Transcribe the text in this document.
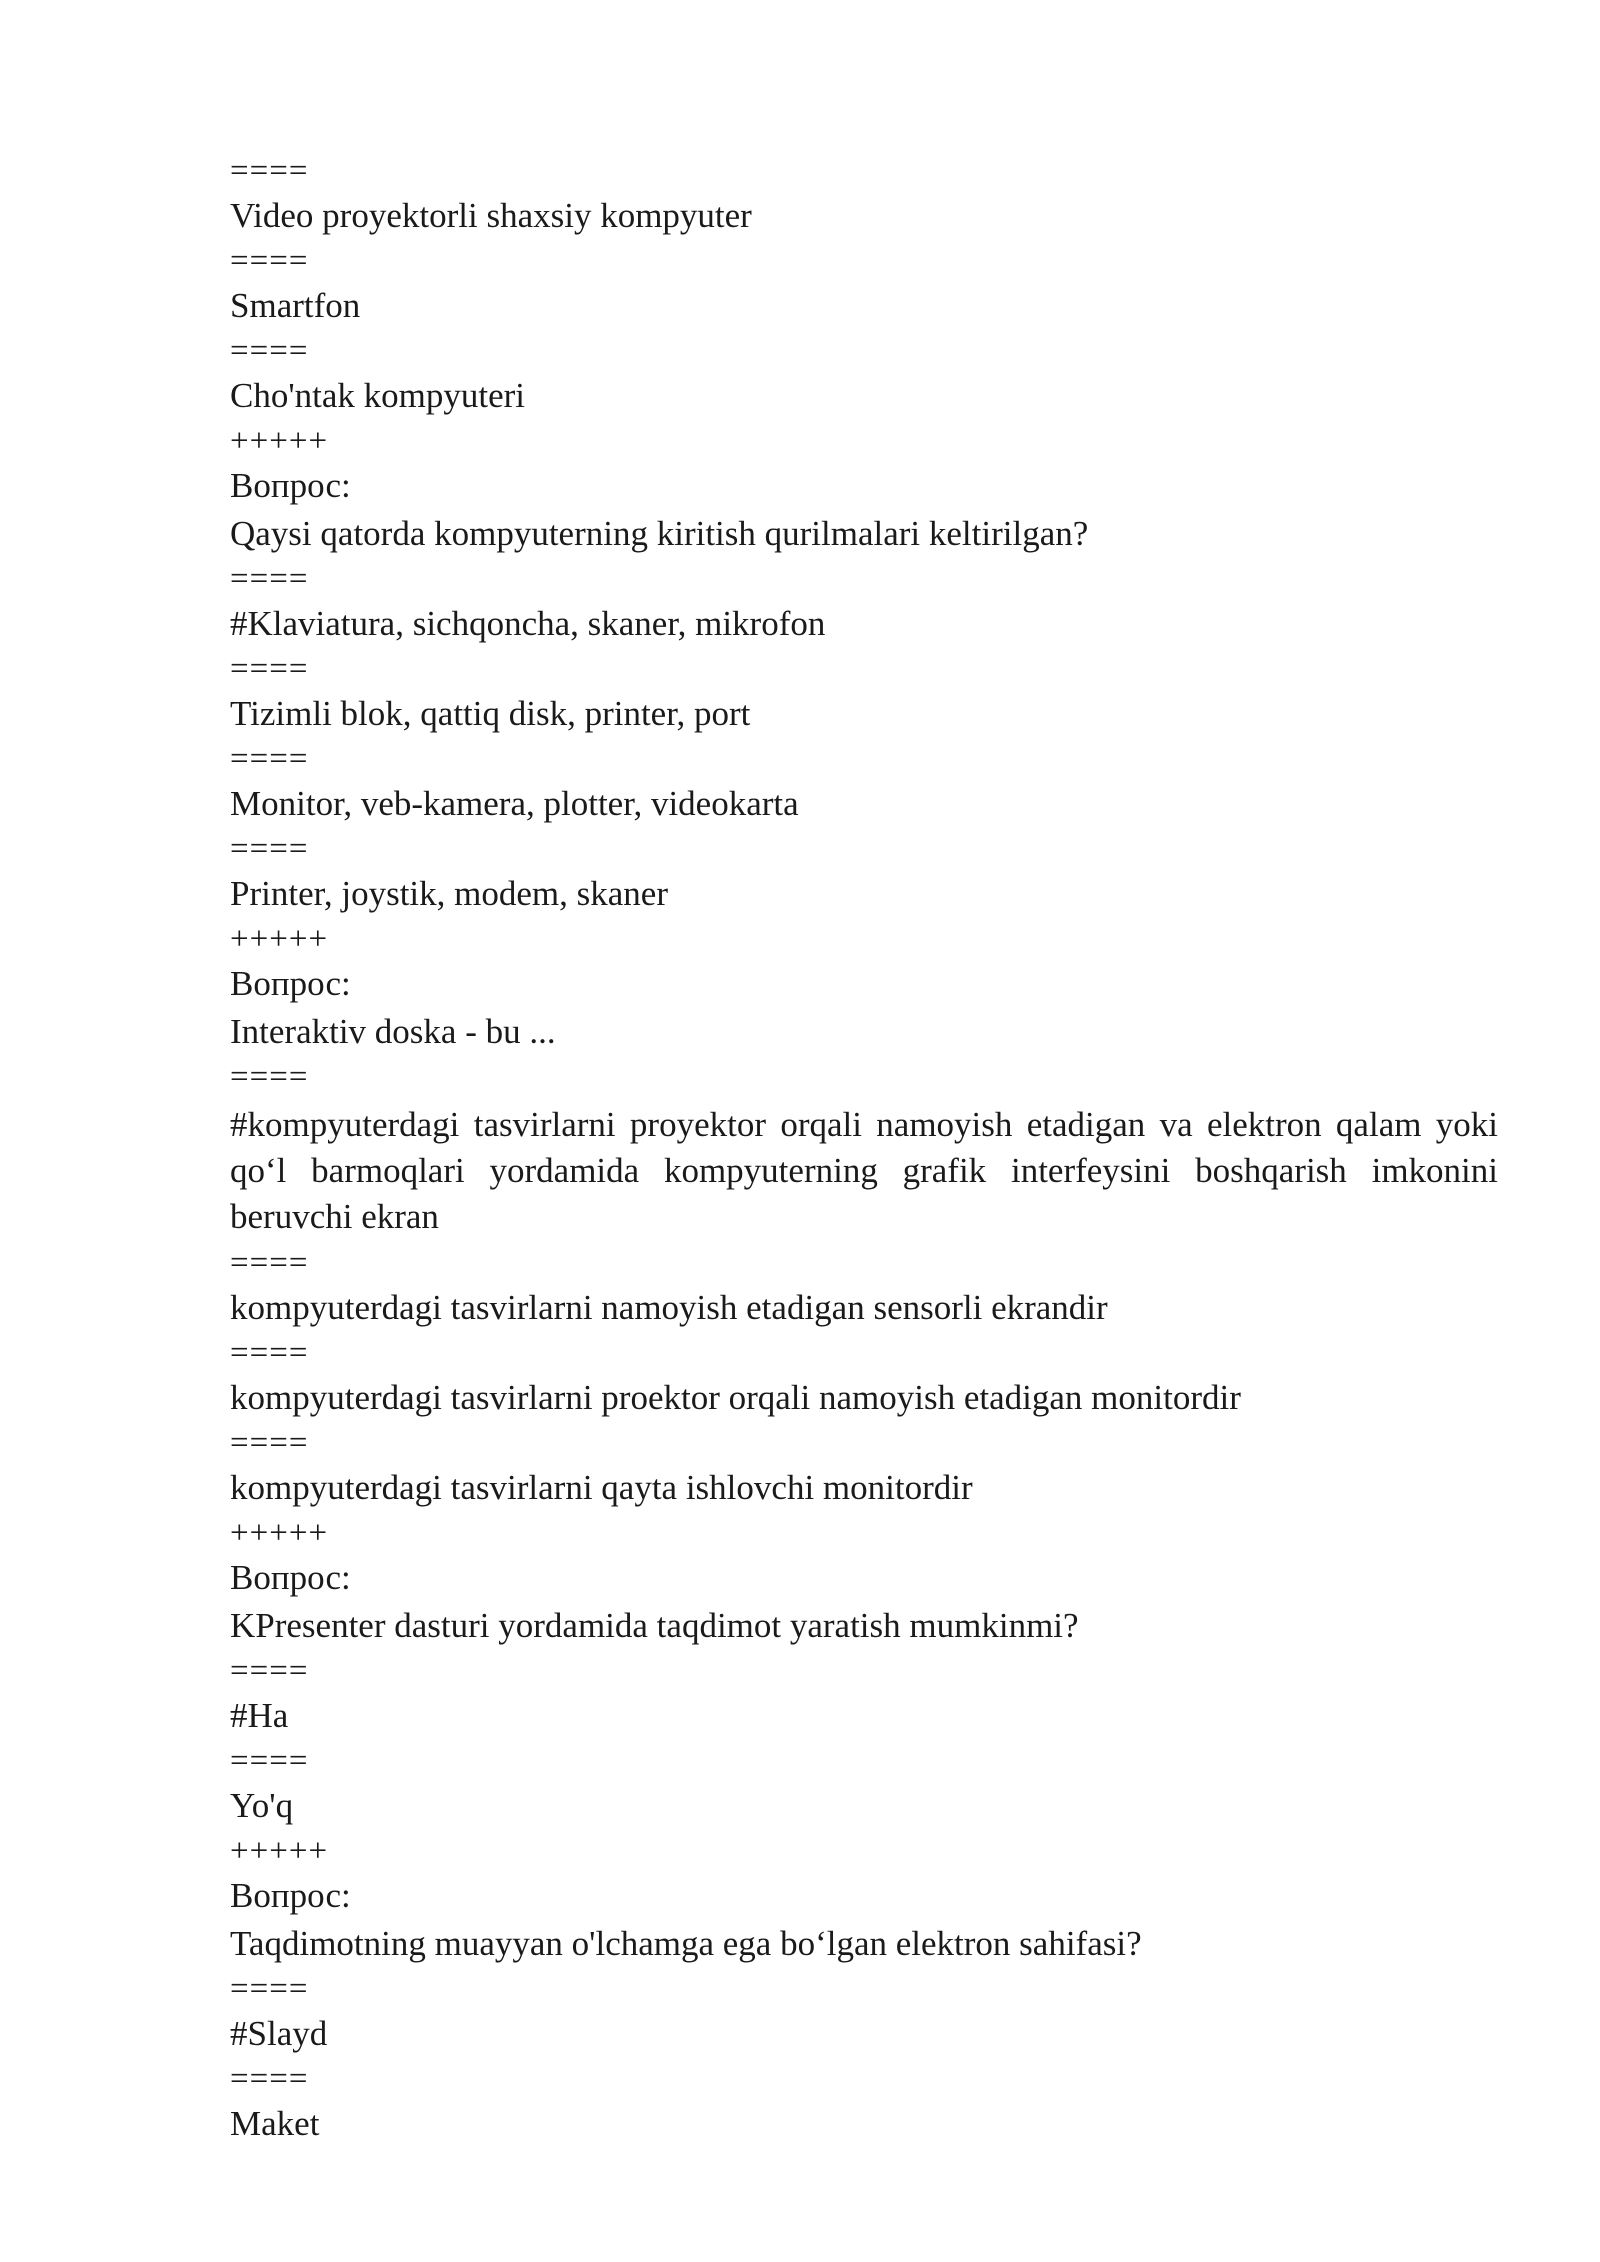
====

Video proyektorli shaxsiy kompyuter

====

Smartfon

====

Cho'ntak kompyuteri

+++++

Вопрос:

Qaysi qatorda kompyuterning kiritish qurilmalari keltirilgan?

====

#Klaviatura, sichqoncha, skaner, mikrofon

====

Tizimli blok, qattiq disk, printer, port

====

Monitor, veb-kamera, plotter, videokarta

====

Printer, joystik, modem, skaner

+++++

Вопрос:

Interaktiv doska - bu ...

====

#kompyuterdagi tasvirlarni proyektor orqali namoyish etadigan va elektron qalam yoki qo‘l barmoqlari yordamida kompyuterning grafik interfeysini boshqarish imkonini beruvchi ekran

====

kompyuterdagi tasvirlarni namoyish etadigan sensorli ekrandir

====

kompyuterdagi tasvirlarni proektor orqali namoyish etadigan monitordir

====

kompyuterdagi tasvirlarni qayta ishlovchi monitordir

+++++

Вопрос:

KPresenter dasturi yordamida taqdimot yaratish mumkinmi?

====

#Ha

====

Yo'q

+++++

Вопрос:

Taqdimotning muayyan o'lchamga ega bo‘lgan elektron sahifasi?

====

#Slayd

====

Maket
